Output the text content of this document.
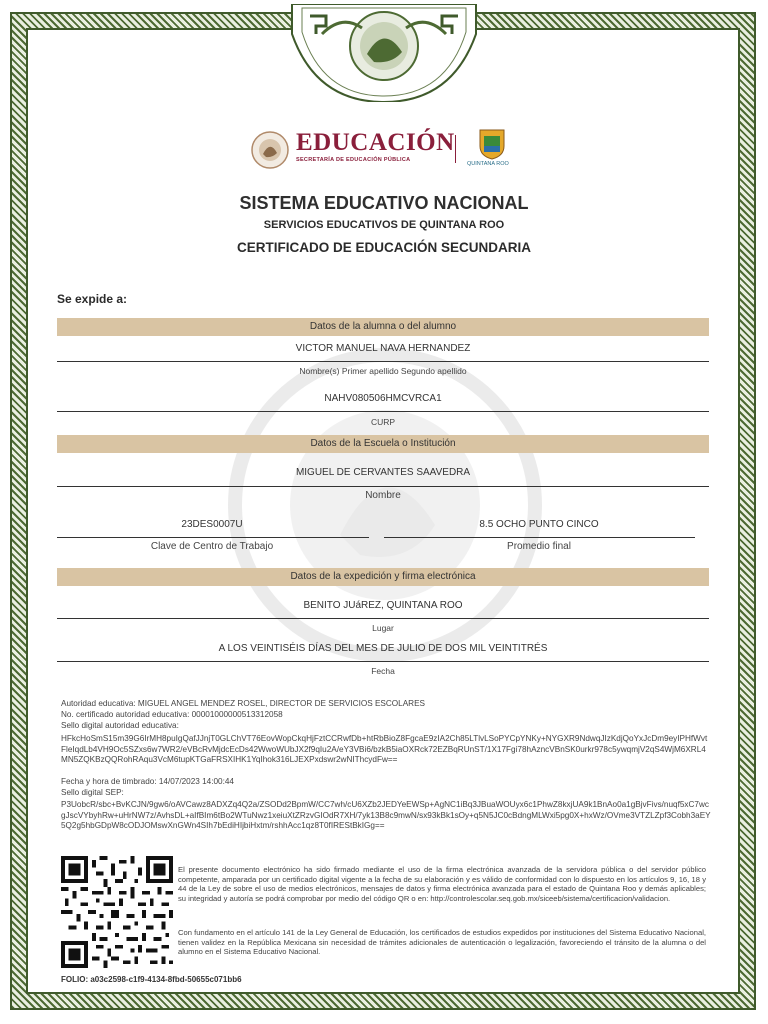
EDUCACIÓN
SECRETARÍA DE EDUCACIÓN PÚBLICA
QUINTANA ROO
SISTEMA EDUCATIVO NACIONAL
SERVICIOS EDUCATIVOS DE QUINTANA ROO
CERTIFICADO DE EDUCACIÓN SECUNDARIA
Se expide a:
Datos de la alumna o del alumno
VICTOR MANUEL NAVA HERNANDEZ
Nombre(s) Primer apellido Segundo apellido
NAHV080506HMCVRCA1
CURP
Datos de la Escuela o Institución
MIGUEL DE CERVANTES SAAVEDRA
Nombre
23DES0007U
Clave de Centro de Trabajo
8.5 OCHO PUNTO CINCO
Promedio final
Datos de la expedición y firma electrónica
BENITO JUáREZ, QUINTANA ROO
Lugar
A LOS VEINTISÉIS DÍAS DEL MES DE JULIO DE DOS MIL VEINTITRÉS
Fecha
Autoridad educativa: MIGUEL ANGEL MENDEZ ROSEL, DIRECTOR DE SERVICIOS ESCOLARES
No. certificado autoridad educativa: 00001000000513312058
Sello digital autoridad educativa:
HFkcHoSmS15m39G6IrMH8puIgQafJJnjT0GLChVT76EovWopCkqHjFztCCRwfDb+htRbBioZ8FgcaE9zIA2Ch85LTlvLSoPYCpYNKy+NYGXR9NdwqJIzKdjQoYxJcDm9eyIPHfWvtFleIqdLb4VH9Oc5SZxs6w7WR2/eVBcRvMjdcEcDs42WwoWUbJX2f9qIu2A/eY3VBi6/bzkB5iaOXRck72EZBqRUnST/1X17Fgi78hAzncVBnSK0urkr978c5ywqmjV2qS4WjM6XRL4MN5ZQKBzQQRohRAqu3VcM6tupKTGaFRSXIHK1YqIhok316LJEXPxdswr2wNIThcydFw==
Fecha y hora de timbrado: 14/07/2023 14:00:44
Sello digital SEP:
P3UobcR/sbc+BvKCJN/9gw6/oAVCawz8ADXZq4Q2a/ZSODd2BpmW/CC7wh/cU6XZb2JEDYeEWSp+AgNC1iBq3JBuaWOUyx6c1PhwZ8kxjUA9k1BnAo0a1gBjvFivs/nuqf5xC7wcgJscVYbyhRw+uHrNW7z/AvhsDL+aIfBIm6tBo2WTuNwz1xeiuXtZRzvGIOdR7XH/7yk13B8c9mwN/sx93kBk1sOy+q5N5JC0cBdngMLWxi5pg0X+hxWz/OVme3VTZLZpf3Cobh3aEY5Q2g5hbGDpW8cODJOMswXnGWn4SIh7bEdiHIjbiHxtm/rshhAcc1qz8T0fIREStBkIGg==
El presente documento electrónico ha sido firmado mediante el uso de la firma electrónica avanzada de la servidora pública o del servidor público competente, amparada por un certificado digital vigente a la fecha de su elaboración y es válido de conformidad con lo dispuesto en los artículos 9, 16, 18 y 44 de la Ley de sobre el uso de medios electrónicos, mensajes de datos y firma electrónica avanzada para el estado de Quintana Roo y demás aplicables; su integridad y autoría se podrá comprobar por medio del código QR o en: http://controlescolar.seq.gob.mx/siceeb/sistema/certificacion/validacion.
Con fundamento en el artículo 141 de la Ley General de Educación, los certificados de estudios expedidos por instituciones del Sistema Educativo Nacional, tienen validez en la República Mexicana sin necesidad de trámites adicionales de autenticación o legalización, favoreciendo el tránsito de la alumna o del alumno en el Sistema Educativo Nacional.
FOLIO: a03c2598-c1f9-4134-8fbd-50655c071bb6
